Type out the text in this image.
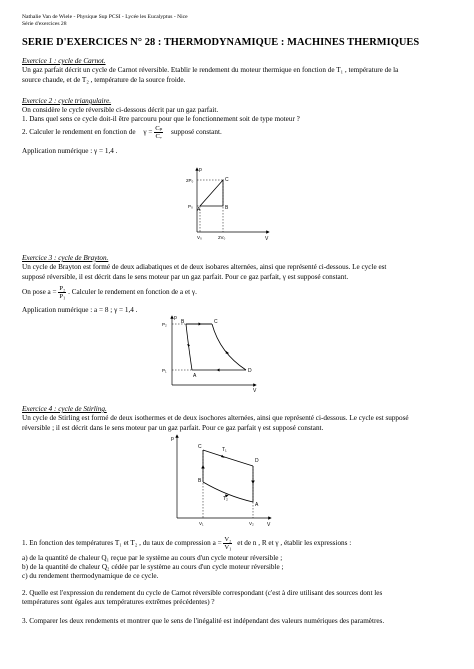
Nathalie Van de Wiele - Physique Sup PCSI - Lycée les Eucalyptus - Nice
Série d'exercices 28
SERIE D'EXERCICES N° 28 : THERMODYNAMIQUE : MACHINES THERMIQUES
Exercice 1 : cycle de Carnot.
Un gaz parfait décrit un cycle de Carnot réversible. Etablir le rendement du moteur thermique en fonction de T₁ , température de la
source chaude, et de T₂ , température de la source froide.
Exercice 2 : cycle triangulaire.
On considère le cycle réversible ci-dessous décrit par un gaz parfait.
1. Dans quel sens ce cycle doit-il être parcouru pour que le fonctionnement soit de type moteur ?
2. Calculer le rendement en fonction de $\gamma = \frac{\text{Cₚ}}{\text{Cᵥ}}$ supposé constant.
Application numérique : γ = 1,4 .
p
V
2P₀
P₀
V₀	2V₀
A	B
C
Exercice 3 : cycle de Brayton.
Un cycle de Brayton est formé de deux adiabatiques et de deux isobares alternées, ainsi que représenté ci-dessous. Le cycle est
supposé réversible, il est décrit dans le sens moteur par un gaz parfait. Pour ce gaz parfait, γ est supposé constant.
On pose $a = \frac{\text{P₂}}{\text{P₁}}$ . Calculer le rendement en fonction de a et γ.
Application numérique : a = 8 ; γ = 1,4 .
p
V
P₂
P₁
B	C
D
A
Exercice 4 : cycle de Stirling.
Un cycle de Stirling est formé de deux isothermes et de deux isochores alternées, ainsi que représenté ci-dessous. Le cycle est supposé
réversible ; il est décrit dans le sens moteur par un gaz parfait. Pour ce gaz parfait γ est supposé constant.
p
V
C
D
A
B
T₁
T₂
V₁	V₂
1. En fonction des températures T₁ et T₂ , du taux de compression $a = \frac{\text{V₂}}{\text{V₁}}$ et de n , R et γ , établir les expressions :
a) de la quantité de chaleur Q₁ reçue par le système au cours d'un cycle moteur réversible ;
b) de la quantité de chaleur Q₂ cédée par le système au cours d'un cycle moteur réversible ;
c) du rendement thermodynamique de ce cycle.
2. Quelle est l'expression du rendement du cycle de Carnot réversible correspondant (c'est à dire utilisant des sources dont les
températures sont égales aux températures extrêmes précédentes) ?
3. Comparer les deux rendements et montrer que le sens de l'inégalité est indépendant des valeurs numériques des paramètres.
